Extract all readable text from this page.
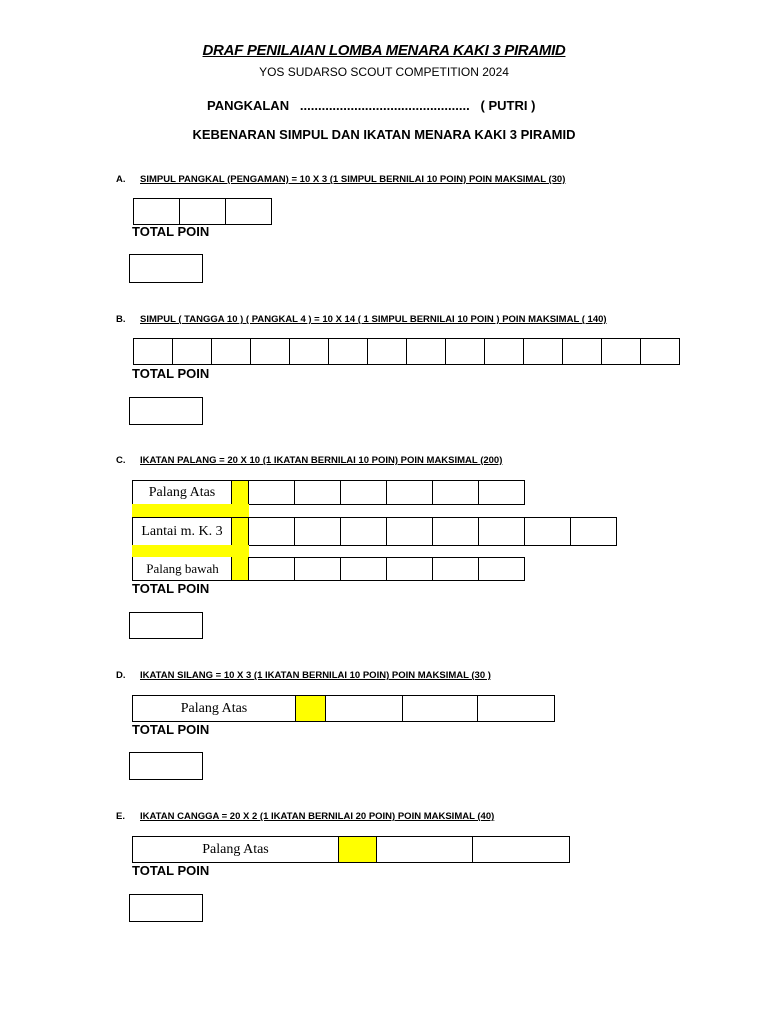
DRAF PENILAIAN LOMBA MENARA KAKI 3 PIRAMID
YOS SUDARSO SCOUT COMPETITION 2024
PANGKALAN   ...............................................   ( PUTRI )
KEBENARAN SIMPUL DAN IKATAN MENARA KAKI 3 PIRAMID
A. SIMPUL PANGKAL (PENGAMAN) = 10 X 3 (1 SIMPUL BERNILAI 10 POIN) POIN MAKSIMAL (30)
TOTAL POIN
B. SIMPUL ( TANGGA 10 ) ( PANGKAL 4 ) = 10 X 14 ( 1 SIMPUL BERNILAI 10 POIN ) POIN MAKSIMAL ( 140)
TOTAL POIN
C. IKATAN PALANG = 20 X 10 (1 IKATAN BERNILAI 10 POIN) POIN MAKSIMAL (200)
Palang Atas
Lantai m. K. 3
Palang bawah
TOTAL POIN
D. IKATAN SILANG = 10 X 3 (1 IKATAN BERNILAI 10 POIN) POIN MAKSIMAL (30 )
Palang Atas
TOTAL POIN
E. IKATAN CANGGA = 20 X 2 (1 IKATAN BERNILAI 20 POIN) POIN MAKSIMAL (40)
Palang Atas
TOTAL POIN
